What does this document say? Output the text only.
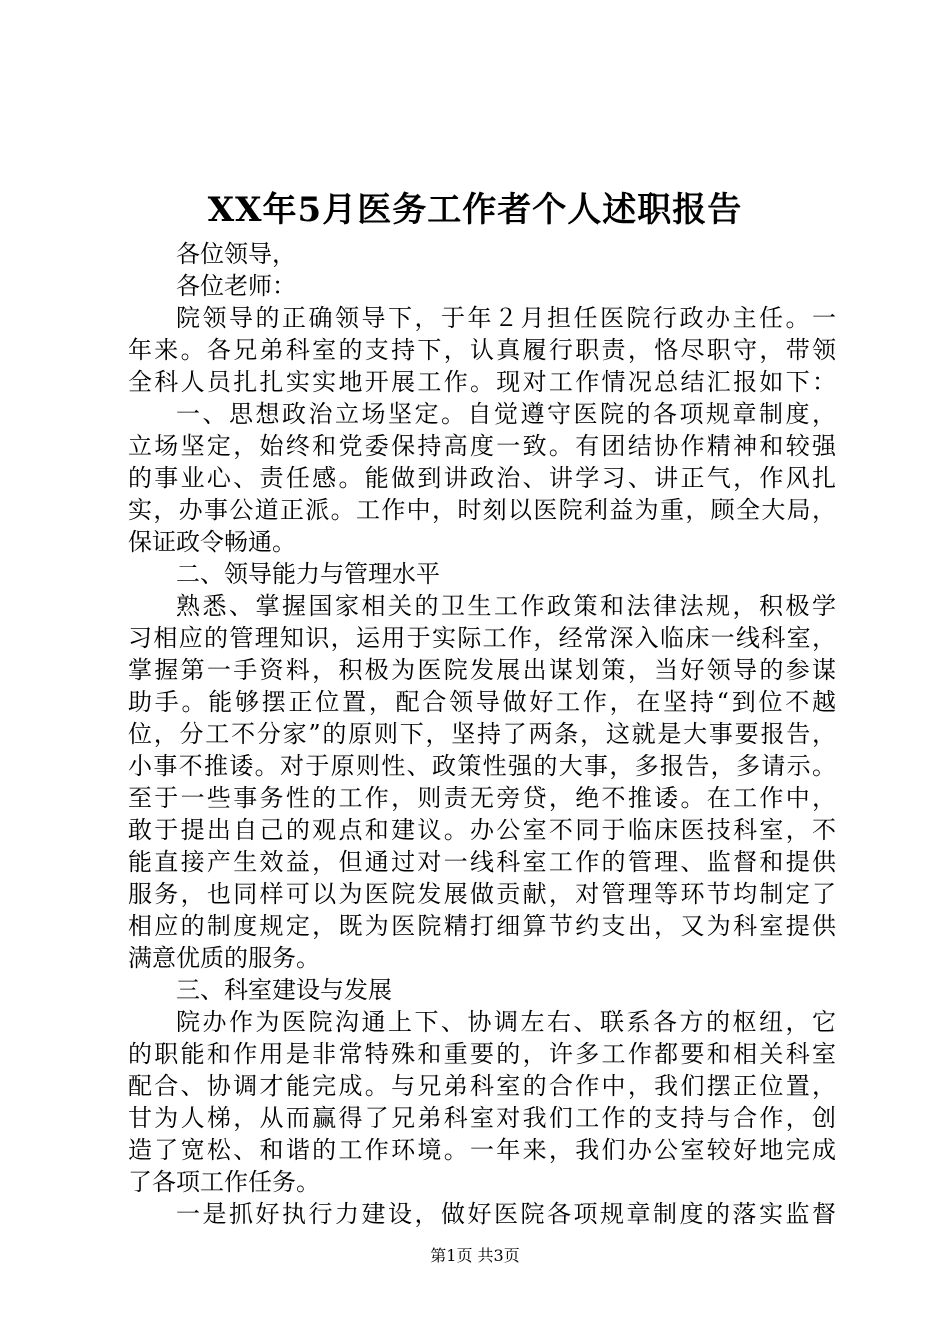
XX年5月医务工作者个人述职报告
各位领导，
各位老师：
院领导的正确领导下，于年２月担任医院行政办主任。一
年来。各兄弟科室的支持下，认真履行职责，恪尽职守，带领
全科人员扎扎实实地开展工作。现对工作情况总结汇报如下：
一、思想政治立场坚定。自觉遵守医院的各项规章制度，
立场坚定，始终和党委保持高度一致。有团结协作精神和较强
的事业心、责任感。能做到讲政治、讲学习、讲正气，作风扎
实，办事公道正派。工作中，时刻以医院利益为重，顾全大局，
保证政令畅通。
二、领导能力与管理水平
熟悉、掌握国家相关的卫生工作政策和法律法规，积极学
习相应的管理知识，运用于实际工作，经常深入临床一线科室，
掌握第一手资料，积极为医院发展出谋划策，当好领导的参谋
助手。能够摆正位置，配合领导做好工作，在坚持“到位不越
位，分工不分家”的原则下，坚持了两条，这就是大事要报告，
小事不推诿。对于原则性、政策性强的大事，多报告，多请示。
至于一些事务性的工作，则责无旁贷，绝不推诿。在工作中，
敢于提出自己的观点和建议。办公室不同于临床医技科室，不
能直接产生效益，但通过对一线科室工作的管理、监督和提供
服务，也同样可以为医院发展做贡献，对管理等环节均制定了
相应的制度规定，既为医院精打细算节约支出，又为科室提供
满意优质的服务。
三、科室建设与发展
院办作为医院沟通上下、协调左右、联系各方的枢纽，它
的职能和作用是非常特殊和重要的，许多工作都要和相关科室
配合、协调才能完成。与兄弟科室的合作中，我们摆正位置，
甘为人梯，从而赢得了兄弟科室对我们工作的支持与合作，创
造了宽松、和谐的工作环境。一年来，我们办公室较好地完成
了各项工作任务。
一是抓好执行力建设，做好医院各项规章制度的落实监督
第1页 共3页
